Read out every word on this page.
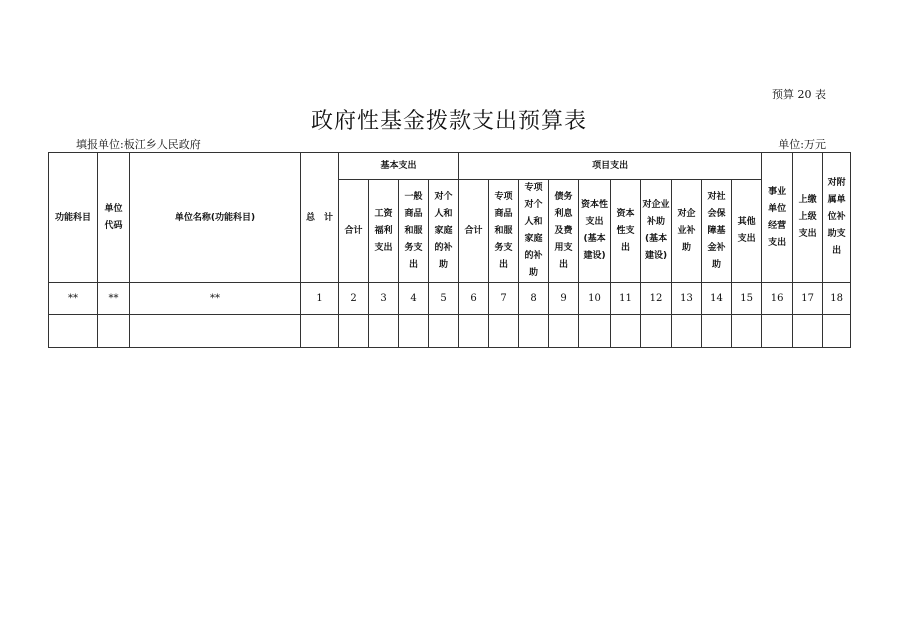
预算 20 表
政府性基金拨款支出预算表
填报单位:板江乡人民政府	单位:万元
功能科目	单位代码	单位名称(功能科目)	总　计	基本支出				项目支出										事业单位经营支出	上缴上级支出	对附属单位补助支出

				合计	工资福利支出	一般商品和服务支出	对个人和家庭的补助	合计	专项商品和服务支出	专项对个人和家庭的补助	债务利息及费用支出	资本性支出(基本建设)	资本性支出	对企业补助(基本建设)	对企业补助	对社会保障基金补助	其他支出			

**	**	**	1	2	3	4	5	6	7	8	9	10	11	12	13	14	15	16	17	18
